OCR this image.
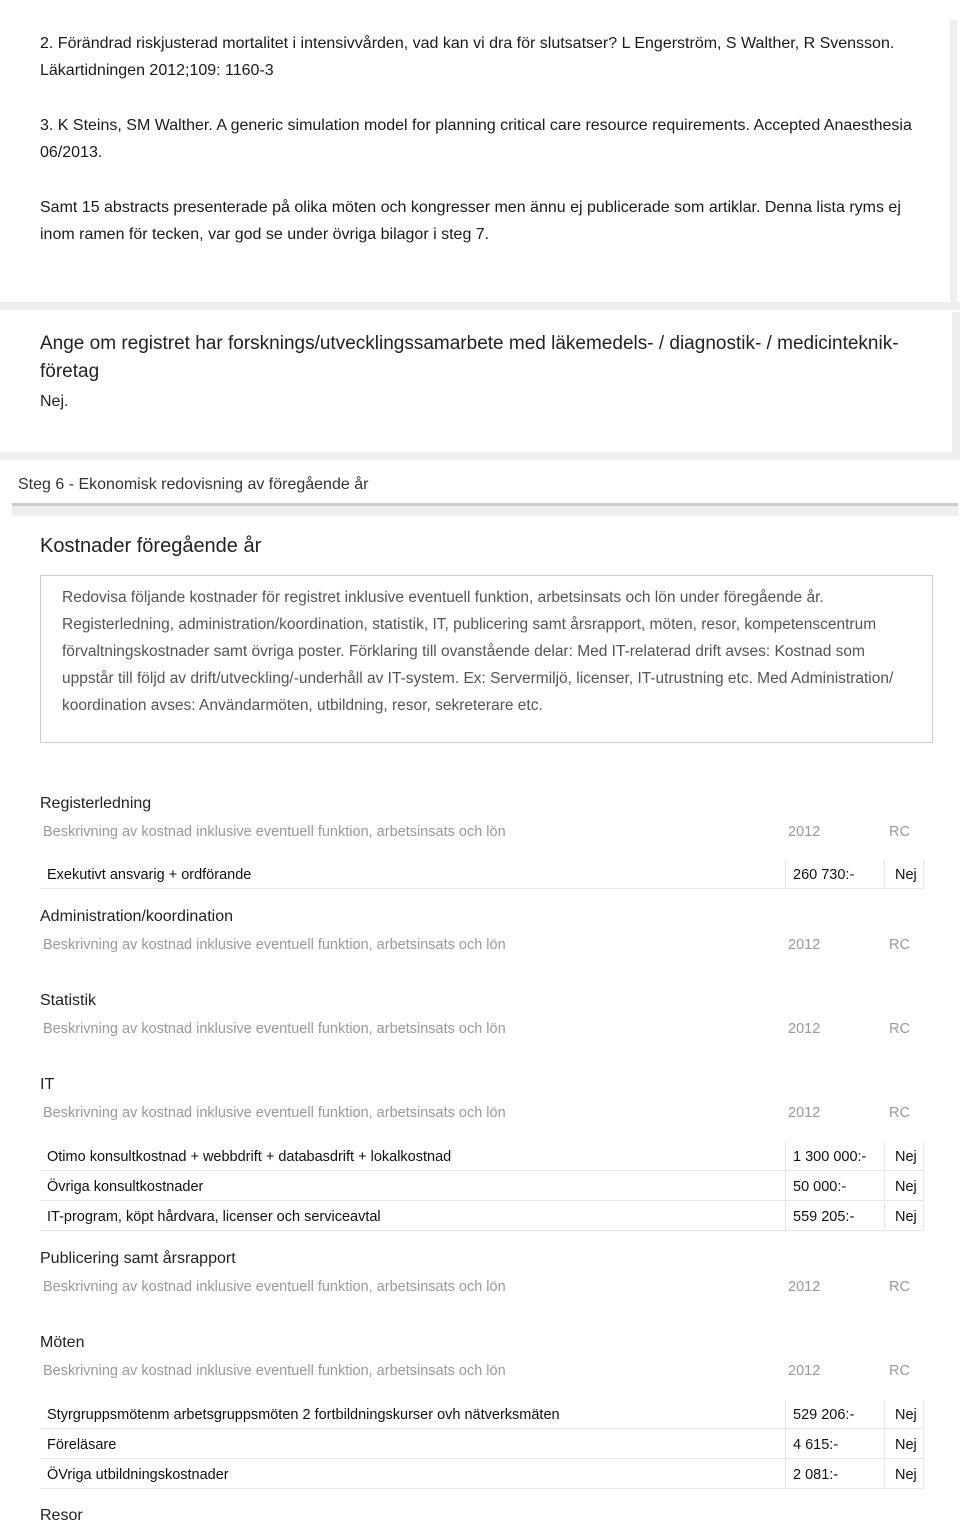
2. Förändrad riskjusterad mortalitet i intensivvården, vad kan vi dra för slutsatser? L Engerström, S Walther, R Svensson. Läkartidningen 2012;109: 1160-3

3. K Steins, SM Walther. A generic simulation model for planning critical care resource requirements. Accepted Anaesthesia 06/2013.

Samt 15 abstracts presenterade på olika möten och kongresser men ännu ej publicerade som artiklar. Denna lista ryms ej inom ramen för tecken, var god se under övriga bilagor i steg 7.

Ange om registret har forsknings/utvecklingssamarbete med läkemedels- / diagnostik- / medicinteknik-företag
Nej.
Steg 6 - Ekonomisk redovisning av föregående år
Kostnader föregående år

Redovisa följande kostnader för registret inklusive eventuell funktion, arbetsinsats och lön under föregående år. Registerledning, administration/koordination, statistik, IT, publicering samt årsrapport, möten, resor, kompetenscentrum förvaltningskostnader samt övriga poster. Förklaring till ovanstående delar: Med IT-relaterad drift avses: Kostnad som uppstår till följd av drift/utveckling/-underhåll av IT-system. Ex: Servermiljö, licenser, IT-utrustning etc. Med Administration/ koordination avses: Användarmöten, utbildning, resor, sekreterare etc.

Registerledning
Beskrivning av kostnad inklusive eventuell funktion, arbetsinsats och lön	2012	RC
Exekutivt ansvarig + ordförande	260 730:-	Nej
Administration/koordination
Beskrivning av kostnad inklusive eventuell funktion, arbetsinsats och lön	2012	RC
Statistik
Beskrivning av kostnad inklusive eventuell funktion, arbetsinsats och lön	2012	RC
IT
Beskrivning av kostnad inklusive eventuell funktion, arbetsinsats och lön	2012	RC
Otimo konsultkostnad + webbdrift + databasdrift + lokalkostnad	1 300 000:- Nej
Övriga konsultkostnader	50 000:-	Nej
IT-program, köpt hårdvara, licenser och serviceavtal	559 205:-	Nej
Publicering samt årsrapport
Beskrivning av kostnad inklusive eventuell funktion, arbetsinsats och lön	2012	RC
Möten
Beskrivning av kostnad inklusive eventuell funktion, arbetsinsats och lön	2012	RC
Styrgruppsmötenm arbetsgruppsmöten 2 fortbildningskurser ovh nätverksmäten	529 206:-	Nej
Föreläsare	4 615:-	Nej
ÖVriga utbildningskostnader	2 081:-	Nej
Resor
